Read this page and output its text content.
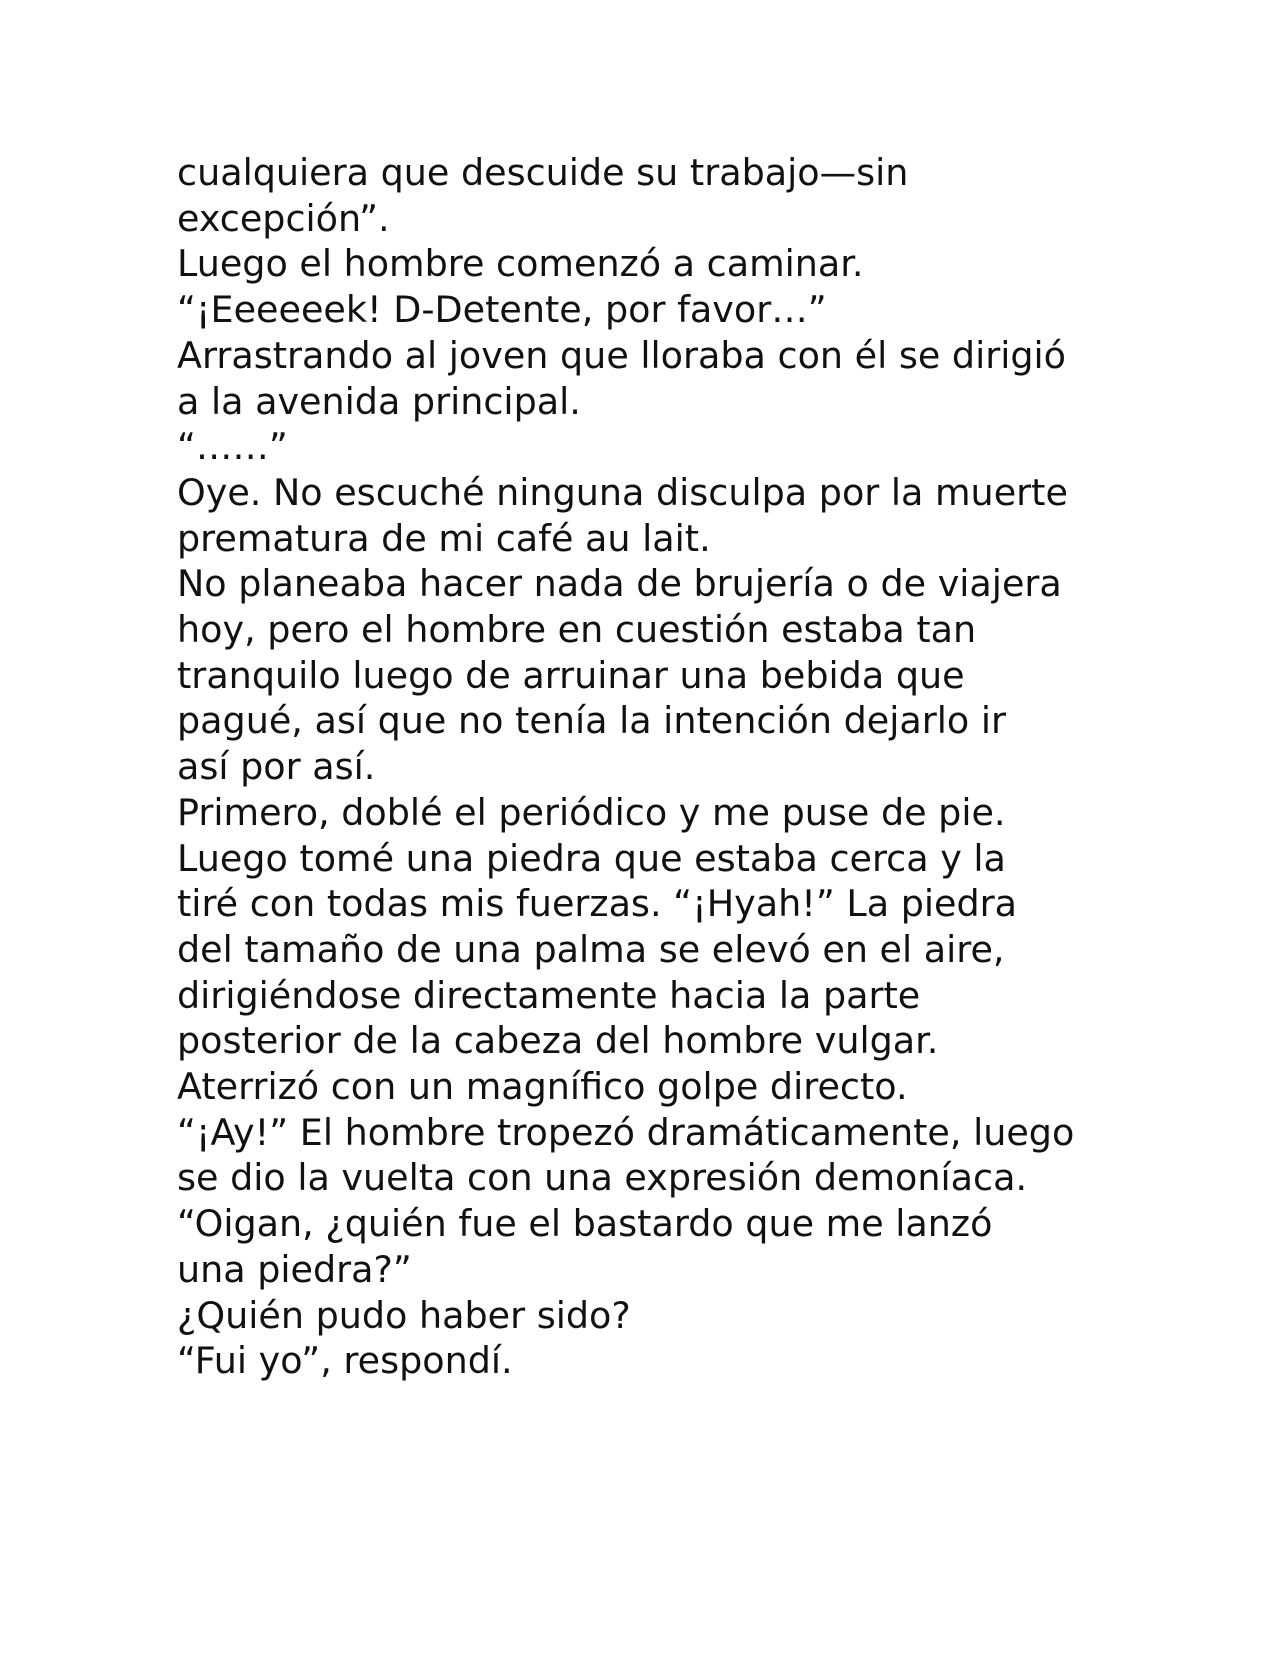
cualquiera que descuide su trabajo—sin
excepción”.
Luego el hombre comenzó a caminar.
“¡Eeeeeek! D-Detente, por favor…”
Arrastrando al joven que lloraba con él se dirigió
a la avenida principal.
“……”
Oye. No escuché ninguna disculpa por la muerte
prematura de mi café au lait.
No planeaba hacer nada de brujería o de viajera
hoy, pero el hombre en cuestión estaba tan
tranquilo luego de arruinar una bebida que
pagué, así que no tenía la intención dejarlo ir
así por así.
Primero, doblé el periódico y me puse de pie.
Luego tomé una piedra que estaba cerca y la
tiré con todas mis fuerzas. “¡Hyah!” La piedra
del tamaño de una palma se elevó en el aire,
dirigiéndose directamente hacia la parte
posterior de la cabeza del hombre vulgar.
Aterrizó con un magnífico golpe directo.
“¡Ay!” El hombre tropezó dramáticamente, luego
se dio la vuelta con una expresión demoníaca.
“Oigan, ¿quién fue el bastardo que me lanzó
una piedra?”
¿Quién pudo haber sido?
“Fui yo”, respondí.
